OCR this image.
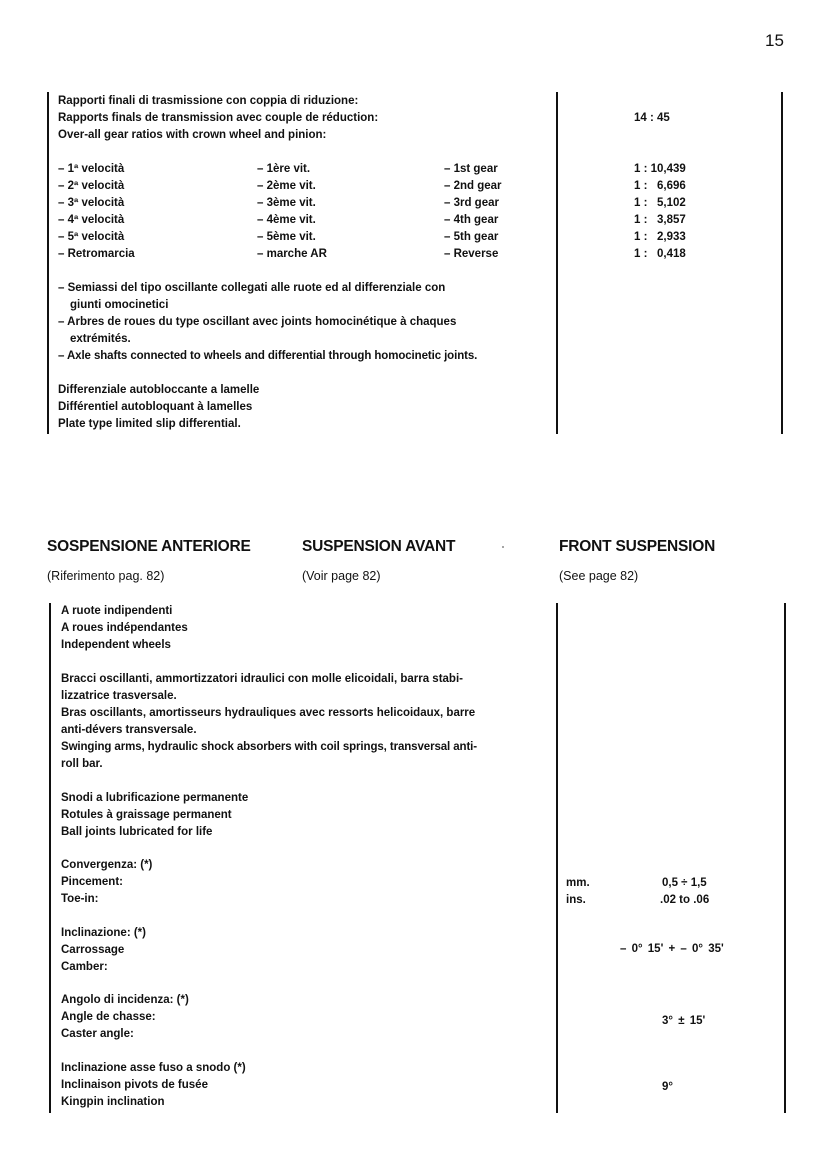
15
Rapporti finali di trasmissione con coppia di riduzione:
Rapports finals de transmission avec couple de réduction:
Over-all gear ratios with crown wheel and pinion:
14 : 45
– 1ª velocità	– 1ère vit.	– 1st gear	1 : 10,439
– 2ª velocità	– 2ème vit.	– 2nd gear	1 :   6,696
– 3ª velocità	– 3ème vit.	– 3rd gear	1 :   5,102
– 4ª velocità	– 4ème vit.	– 4th gear	1 :   3,857
– 5ª velocità	– 5ème vit.	– 5th gear	1 :   2,933
– Retromarcia	– marche AR	– Reverse	1 :   0,418
– Semiassi del tipo oscillante collegati alle ruote ed al differenziale con
giunti omocinetici
– Arbres de roues du type oscillant avec joints homocinétique à chaques
extrémités.
– Axle shafts connected to wheels and differential through homocinetic joints.
Differenziale autobloccante a lamelle
Différentiel autobloquant à lamelles
Plate type limited slip differential.
SOSPENSIONE ANTERIORE	SUSPENSION AVANT	FRONT SUSPENSION
(Riferimento pag. 82)	(Voir page 82)	(See page 82)
A ruote indipendenti
A roues indépendantes
Independent wheels
Bracci oscillanti, ammortizzatori idraulici con molle elicoidali, barra stabi-
lizzatrice trasversale.
Bras oscillants, amortisseurs hydrauliques avec ressorts helicoidaux, barre
anti-dévers transversale.
Swinging arms, hydraulic shock absorbers with coil springs, transversal anti-
roll bar.
Snodi a lubrificazione permanente
Rotules à graissage permanent
Ball joints lubricated for life
Convergenza: (*)
Pincement:
Toe-in:
mm.	0,5 ÷ 1,5
ins.	.02 to .06
Inclinazione: (*)
Carrossage
Camber:
– 0° 15' + – 0° 35'
Angolo di incidenza: (*)
Angle de chasse:
Caster angle:
3° ± 15'
Inclinazione asse fuso a snodo (*)
Inclinaison pivots de fusée
Kingpin inclination
9°
